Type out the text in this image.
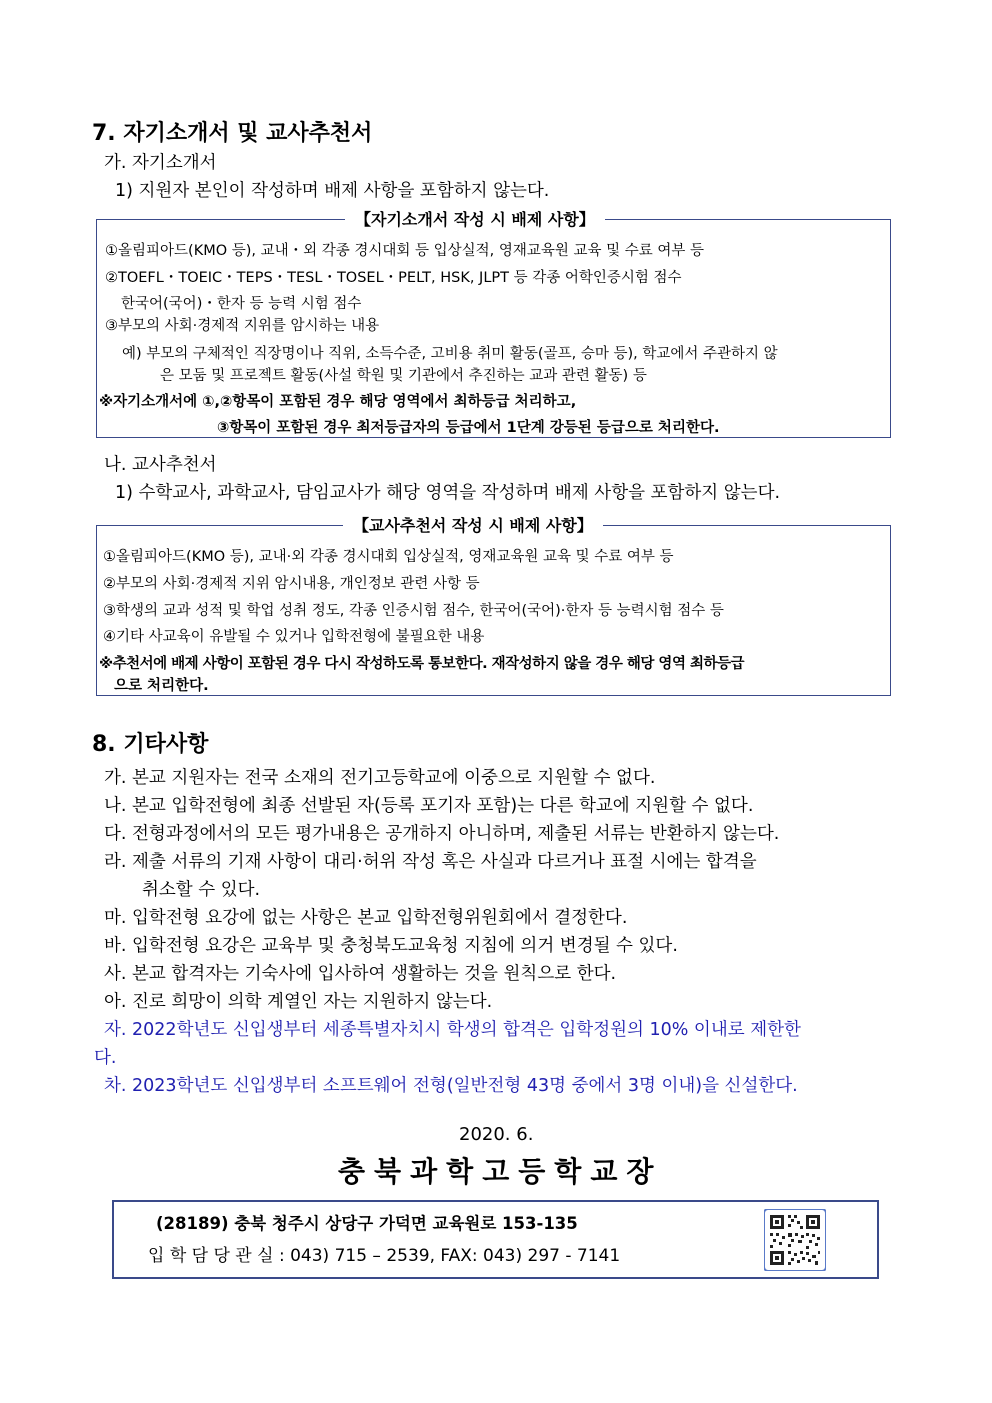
7. 자기소개서 및 교사추천서
가. 자기소개서
1) 지원자 본인이 작성하며 배제 사항을 포함하지 않는다.
【자기소개서 작성 시 배제 사항】
①올림피아드(KMO 등), 교내・외 각종 경시대회 등 입상실적, 영재교육원 교육 및 수료 여부 등
②TOEFL・TOEIC・TEPS・TESL・TOSEL・PELT, HSK, JLPT 등 각종 어학인증시험 점수
한국어(국어)・한자 등 능력 시험 점수
③부모의 사회·경제적 지위를 암시하는 내용
예) 부모의 구체적인 직장명이나 직위, 소득수준, 고비용 취미 활동(골프, 승마 등), 학교에서 주관하지 않
은 모둠 및 프로젝트 활동(사설 학원 및 기관에서 추진하는 교과 관련 활동) 등
※자기소개서에 ①,②항목이 포함된 경우 해당 영역에서 최하등급 처리하고,
③항목이 포함된 경우 최저등급자의 등급에서 1단계 강등된 등급으로 처리한다.
나. 교사추천서
1) 수학교사, 과학교사, 담임교사가 해당 영역을 작성하며 배제 사항을 포함하지 않는다.
【교사추천서 작성 시 배제 사항】
①올림피아드(KMO 등), 교내·외 각종 경시대회 입상실적, 영재교육원 교육 및 수료 여부 등
②부모의 사회·경제적 지위 암시내용, 개인정보 관련 사항 등
③학생의 교과 성적 및 학업 성취 정도, 각종 인증시험 점수, 한국어(국어)·한자 등 능력시험 점수 등
④기타 사교육이 유발될 수 있거나 입학전형에 불필요한 내용
※추천서에 배제 사항이 포함된 경우 다시 작성하도록 통보한다. 재작성하지 않을 경우 해당 영역 최하등급
으로 처리한다.
8. 기타사항
가. 본교 지원자는 전국 소재의 전기고등학교에 이중으로 지원할 수 없다.
나. 본교 입학전형에 최종 선발된 자(등록 포기자 포함)는 다른 학교에 지원할 수 없다.
다. 전형과정에서의 모든 평가내용은 공개하지 아니하며, 제출된 서류는 반환하지 않는다.
라. 제출 서류의 기재 사항이 대리·허위 작성 혹은 사실과 다르거나 표절 시에는 합격을
취소할 수 있다.
마. 입학전형 요강에 없는 사항은 본교 입학전형위원회에서 결정한다.
바. 입학전형 요강은 교육부 및 충청북도교육청 지침에 의거 변경될 수 있다.
사. 본교 합격자는 기숙사에 입사하여 생활하는 것을 원칙으로 한다.
아. 진로 희망이 의학 계열인 자는 지원하지 않는다.
자. 2022학년도 신입생부터 세종특별자치시 학생의 합격은 입학정원의 10% 이내로 제한한
다.
차. 2023학년도 신입생부터 소프트웨어 전형(일반전형 43명 중에서 3명 이내)을 신설한다.
2020. 6.
충북과학고등학교장
(28189) 충북 청주시 상당구 가덕면 교육원로 153-135
입 학 담 당 관 실 : 043) 715 – 2539, FAX: 043) 297 - 7141
